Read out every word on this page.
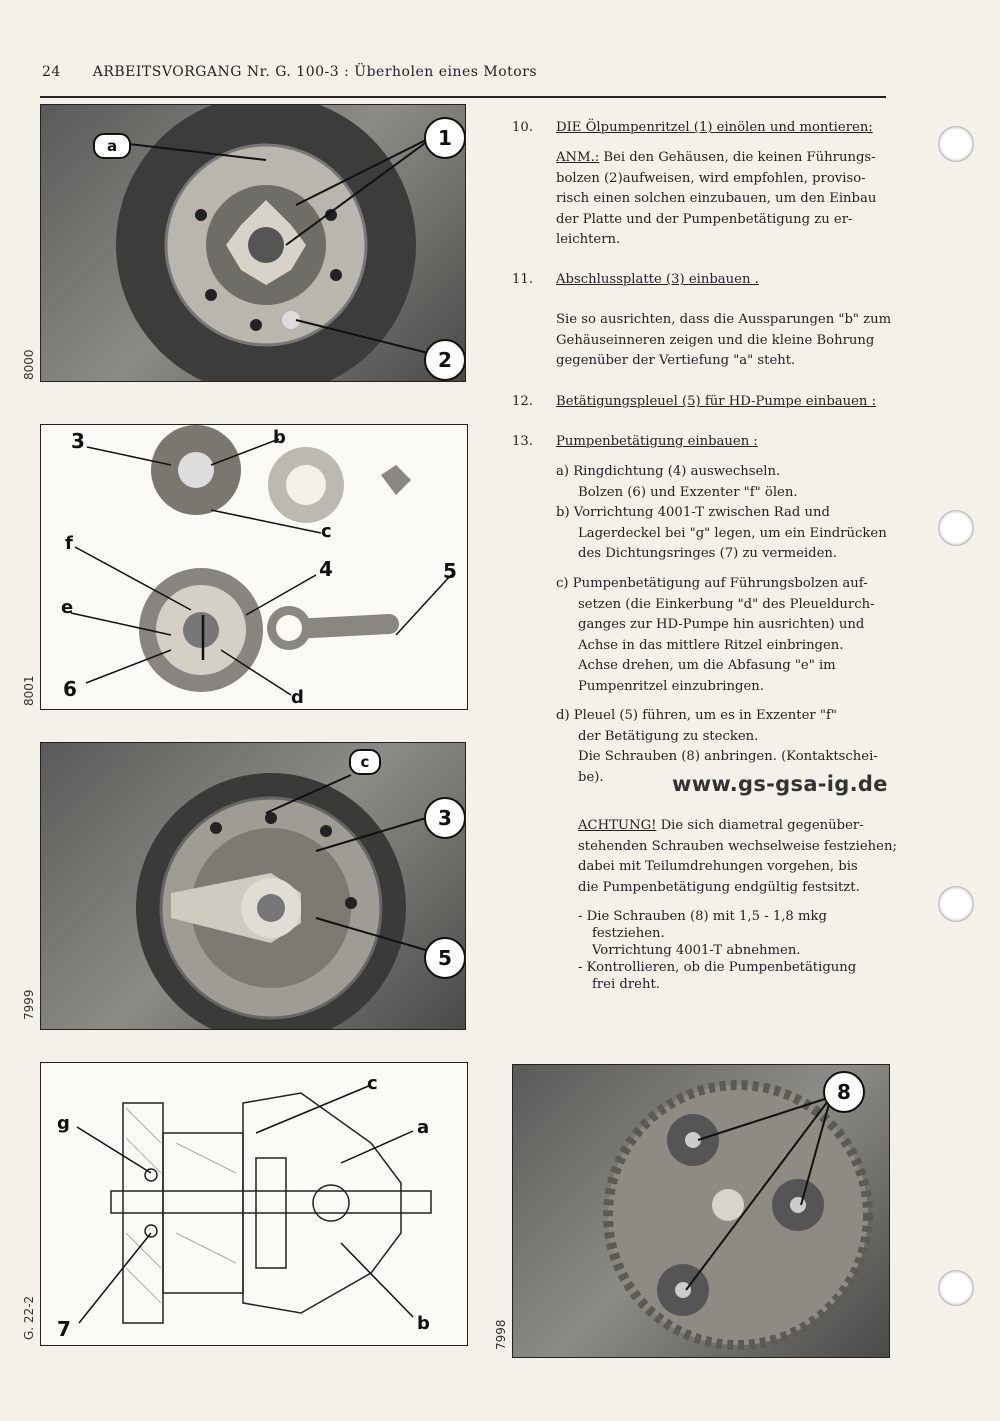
24 ARBEITSVORGANG Nr. G. 100-3 : Überholen eines Motors
a	1
2
8000
3	b
c
f
e
4	5
6	d
8001
c
3
5
7999
c
g	a
7	b
G. 22-2
8
7998
10. DIE Ölpumpenritzel (1) einölen und montieren:
ANM.: Bei den Gehäusen, die keinen Führungs-
bolzen (2)aufweisen, wird empfohlen, proviso-
risch einen solchen einzubauen, um den Einbau
der Platte und der Pumpenbetätigung zu er-
leichtern.
11. Abschlussplatte (3) einbauen .
Sie so ausrichten, dass die Aussparungen "b" zum
Gehäuseinneren zeigen und die kleine Bohrung
gegenüber der Vertiefung "a" steht.
12. Betätigungspleuel (5) für HD-Pumpe einbauen :
13. Pumpenbetätigung einbauen :
a) Ringdichtung (4) auswechseln.
Bolzen (6) und Exzenter "f" ölen.
b) Vorrichtung 4001-T zwischen Rad und
Lagerdeckel bei "g" legen, um ein Eindrücken
des Dichtungsringes (7) zu vermeiden.
c) Pumpenbetätigung auf Führungsbolzen auf-
setzen (die Einkerbung "d" des Pleueldurch-
ganges zur HD-Pumpe hin ausrichten) und
Achse in das mittlere Ritzel einbringen.
Achse drehen, um die Abfasung "e" im
Pumpenritzel einzubringen.
d) Pleuel (5) führen, um es in Exzenter "f"
der Betätigung zu stecken.
Die Schrauben (8) anbringen. (Kontaktschei-
be).	www.gs-gsa-ig.de
ACHTUNG! Die sich diametral gegenüber-
stehenden Schrauben wechselweise festziehen;
dabei mit Teilumdrehungen vorgehen, bis
die Pumpenbetätigung endgültig festsitzt.
- Die Schrauben (8) mit 1,5 - 1,8 mkg
festziehen.
Vorrichtung 4001-T abnehmen.
- Kontrollieren, ob die Pumpenbetätigung
frei dreht.
